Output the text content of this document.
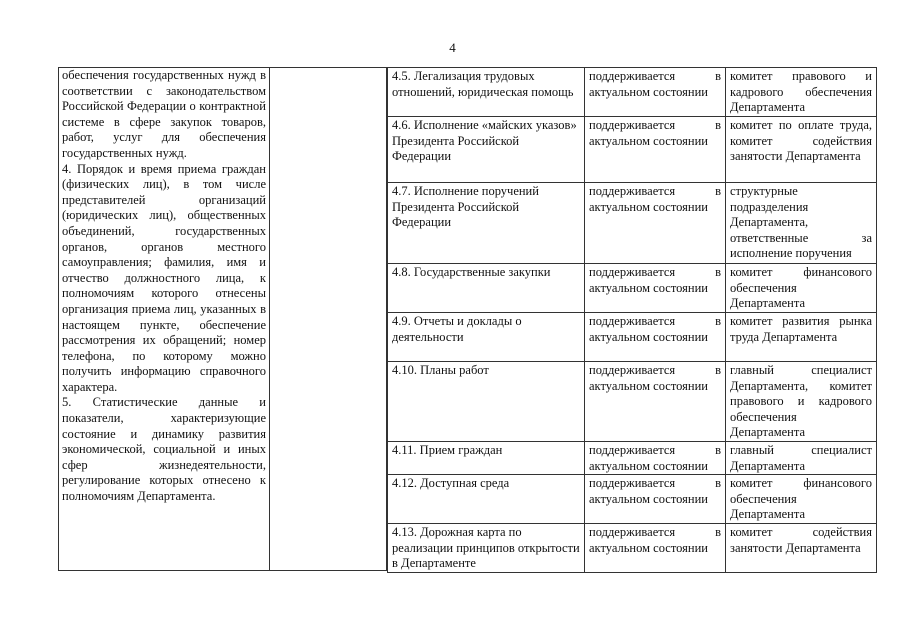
4

обеспечения государственных нужд в соответствии с законодательством Российской Федерации о контрактной системе в сфере закупок товаров, работ, услуг для обеспечения государственных нужд.

4. Порядок и время приема граждан (физических лиц), в том числе представителей организаций (юридических лиц), общественных объединений, государственных органов, органов местного самоуправления; фамилия, имя и отчество должностного лица, к полномочиям которого отнесены организация приема лиц, указанных в настоящем пункте, обеспечение рассмотрения их обращений; номер телефона, по которому можно получить информацию справочного характера.

5. Статистические данные и показатели, характеризующие состояние и динамику развития экономической, социальной и иных сфер жизнедеятельности, регулирование которых отнесено к полномочиям Департамента.

4.5. Легализация трудовых отношений, юридическая помощь	поддерживается в
актуальном состоянии	комитет правового и кадрового обеспечения Департамента
4.6. Исполнение «майских указов» Президента Российской Федерации	поддерживается в
актуальном состоянии	комитет по оплате труда, комитет содействия занятости Департамента
4.7. Исполнение поручений Президента Российской Федерации	поддерживается в
актуальном состоянии	структурные подразделения Департамента, ответственные за исполнение поручения
4.8. Государственные закупки	поддерживается в
актуальном состоянии	комитет финансового обеспечения Департамента
4.9. Отчеты и доклады о деятельности	поддерживается в
актуальном состоянии	комитет развития рынка труда Департамента
4.10. Планы работ	поддерживается в
актуальном состоянии	главный специалист Департамента, комитет правового и кадрового обеспечения Департамента
4.11. Прием граждан	поддерживается в
актуальном состоянии	главный специалист Департамента
4.12. Доступная среда	поддерживается в
актуальном состоянии	комитет финансового обеспечения Департамента
4.13. Дорожная карта по реализации принципов открытости в Департаменте	поддерживается в
актуальном состоянии	комитет содействия занятости Департамента
